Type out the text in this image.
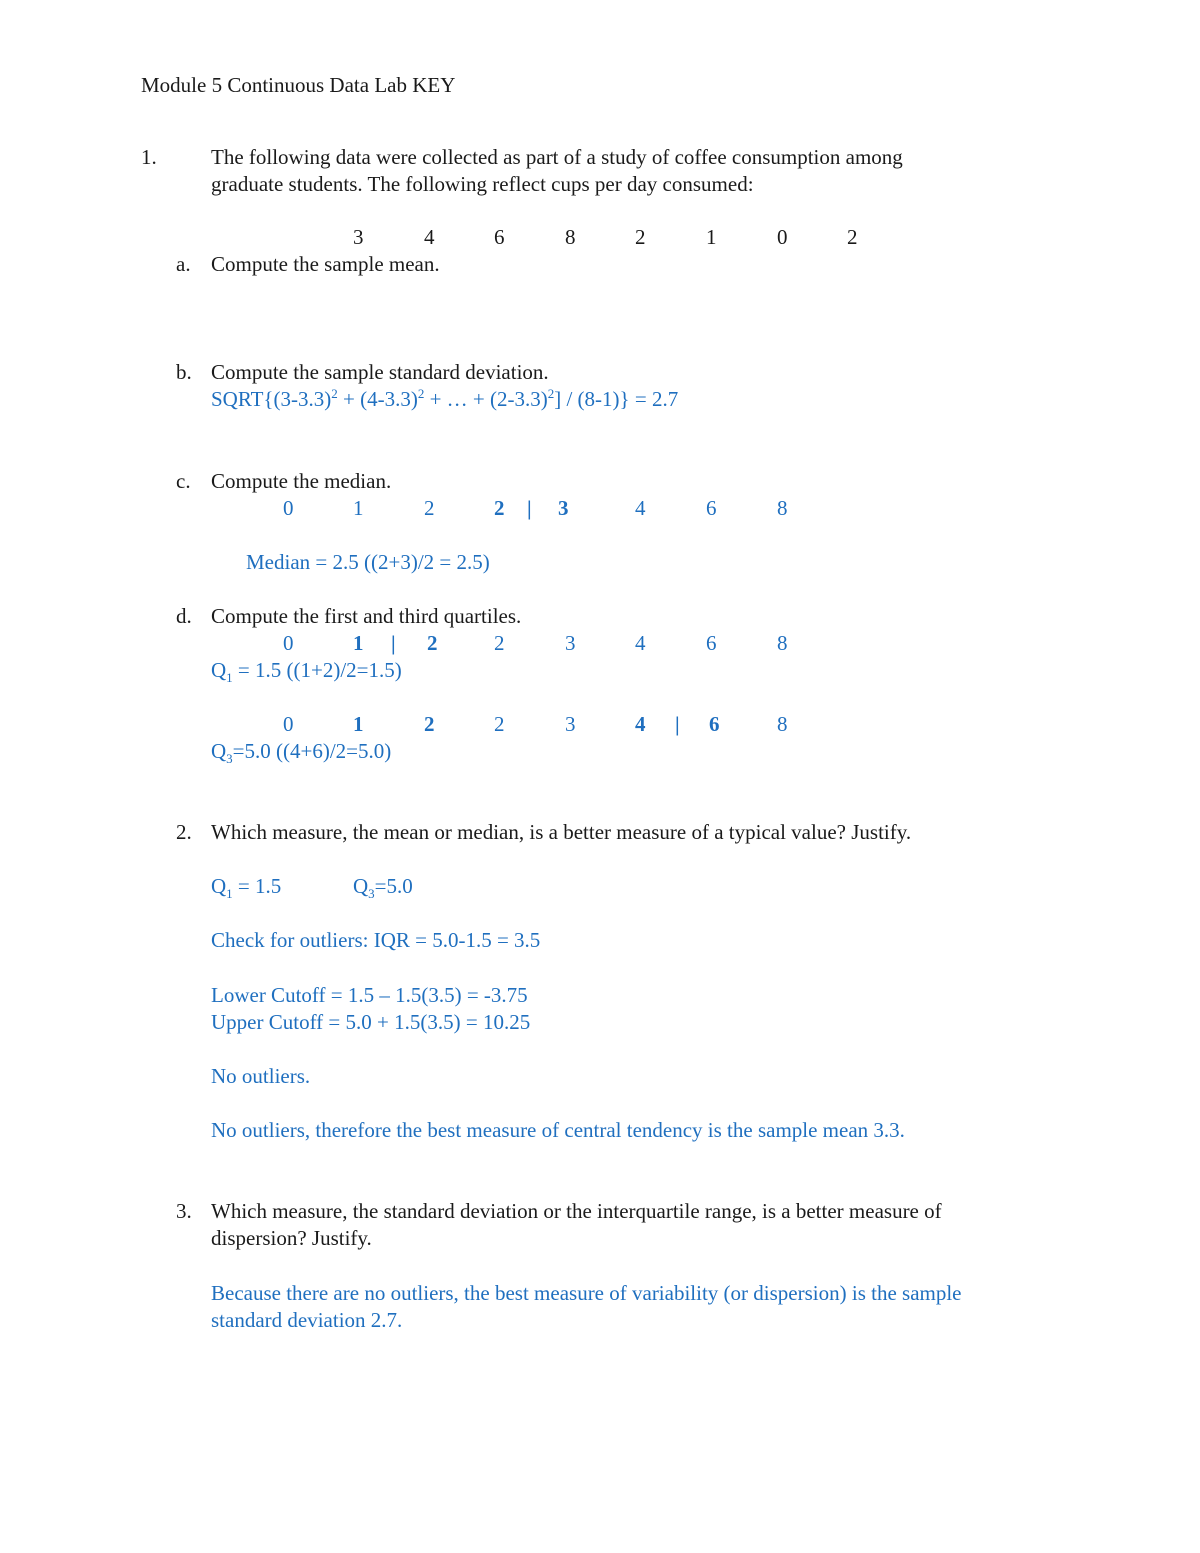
Module 5 Continuous Data Lab KEY
1.	The following data were collected as part of a study of coffee consumption among
graduate students. The following reflect cups per day consumed:
3	4	6	8	2	1	0	2
a. Compute the sample mean.
b. Compute the sample standard deviation.
$SQRT\{(3-3.3)^2 + (4-3.3)^2$ + … + $(2-3.3)^2] / (8-1)\} = 2.7$
c. Compute the median.
0	1	2	2 | 3	4	6	8
Median = 2.5 ((2+3)/2 = 2.5)
d. Compute the first and third quartiles.
0	1 | 2	2	3	4	6	8
$Q_1 = 1.5$ ((1+2)/2=1.5)
0	1	2	2	3	4 | 6	8
$Q_3=5.0$ ((4+6)/2=5.0)
2. Which measure, the mean or median, is a better measure of a typical value? Justify.
$Q_1 = 1.5$	$Q_3=5.0$
Check for outliers: IQR = 5.0-1.5 = 3.5
Lower Cutoff = 1.5 – 1.5(3.5) = -3.75
Upper Cutoff = 5.0 + 1.5(3.5) = 10.25
No outliers.
No outliers, therefore the best measure of central tendency is the sample mean 3.3.
3. Which measure, the standard deviation or the interquartile range, is a better measure of
dispersion? Justify.
Because there are no outliers, the best measure of variability (or dispersion) is the sample
standard deviation 2.7.
